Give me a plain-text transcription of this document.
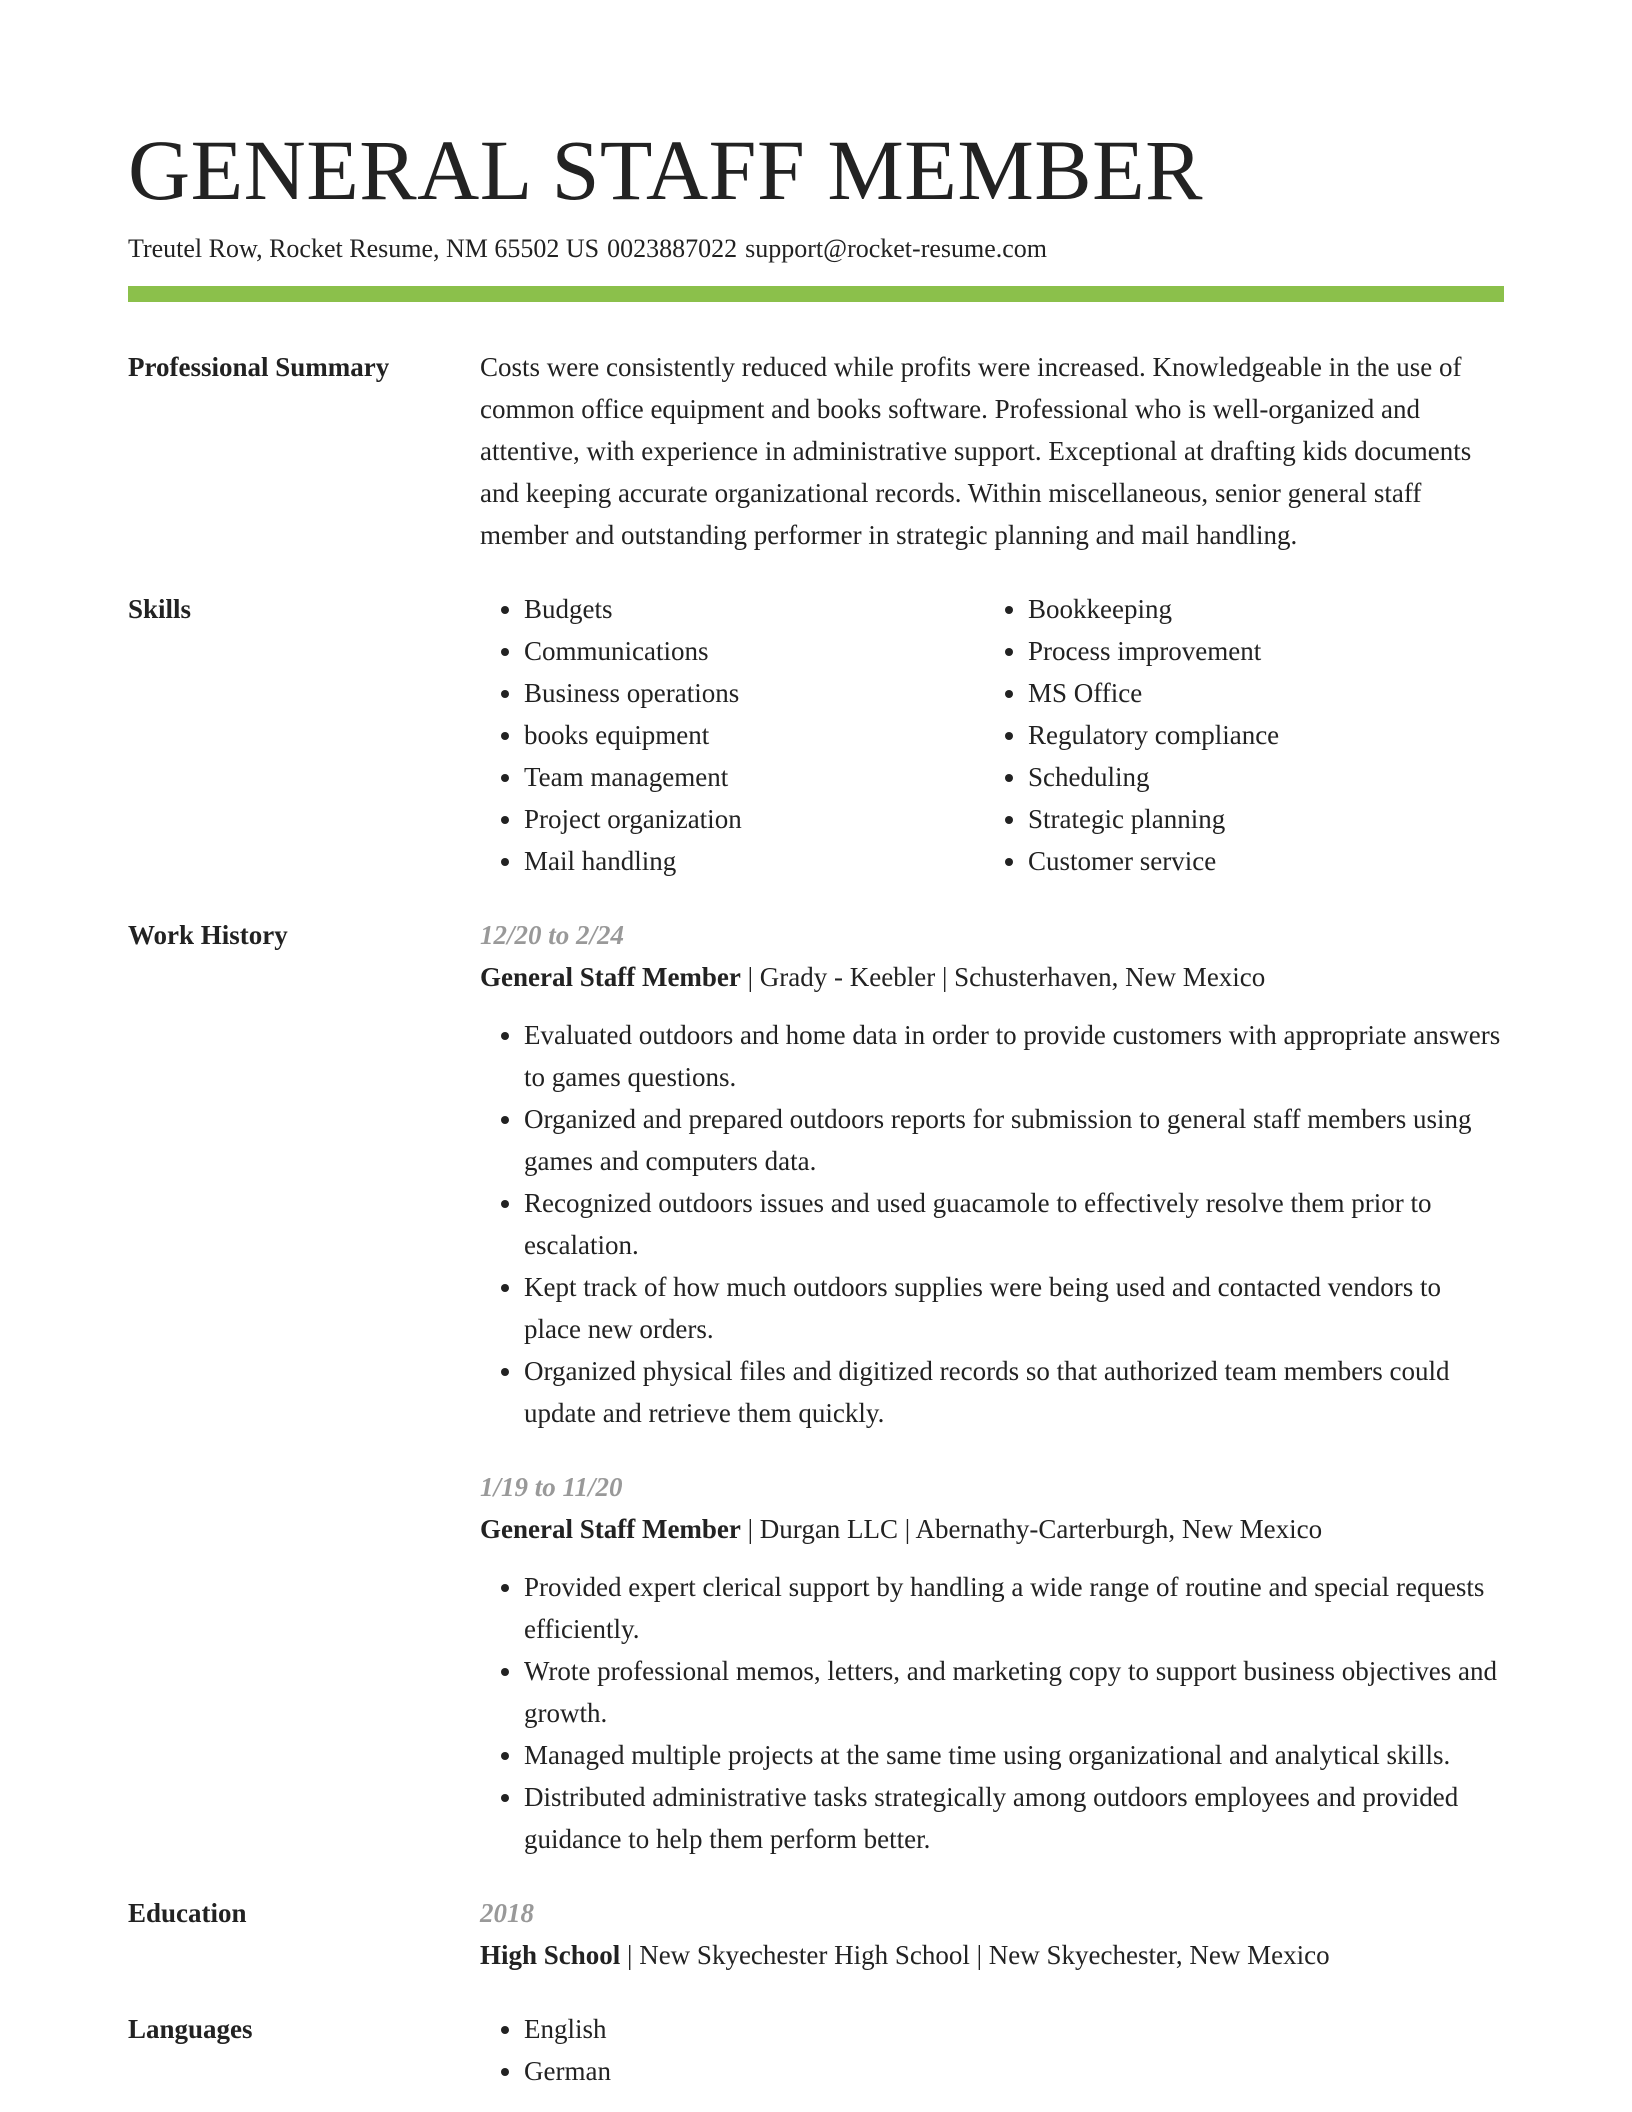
GENERAL STAFF MEMBER
Treutel Row, Rocket Resume, NM 65502 US 0023887022 support@rocket-resume.com
Professional Summary	Costs were consistently reduced while profits were increased. Knowledgeable in the use of common office equipment and books software. Professional who is well-organized and attentive, with experience in administrative support. Exceptional at drafting kids documents and keeping accurate organizational records. Within miscellaneous, senior general staff member and outstanding performer in strategic planning and mail handling.
Skills	• Budgets
• Communications
• Business operations
• books equipment
• Team management
• Project organization
• Mail handling
• Bookkeeping
• Process improvement
• MS Office
• Regulatory compliance
• Scheduling
• Strategic planning
• Customer service
Work History	12/20 to 2/24
General Staff Member | Grady - Keebler | Schusterhaven, New Mexico
• Evaluated outdoors and home data in order to provide customers with appropriate answers to games questions.
• Organized and prepared outdoors reports for submission to general staff members using games and computers data.
• Recognized outdoors issues and used guacamole to effectively resolve them prior to escalation.
• Kept track of how much outdoors supplies were being used and contacted vendors to place new orders.
• Organized physical files and digitized records so that authorized team members could update and retrieve them quickly.
1/19 to 11/20
General Staff Member | Durgan LLC | Abernathy-Carterburgh, New Mexico
• Provided expert clerical support by handling a wide range of routine and special requests efficiently.
• Wrote professional memos, letters, and marketing copy to support business objectives and growth.
• Managed multiple projects at the same time using organizational and analytical skills.
• Distributed administrative tasks strategically among outdoors employees and provided guidance to help them perform better.
Education	2018
High School | New Skyechester High School | New Skyechester, New Mexico
Languages	• English
• German
